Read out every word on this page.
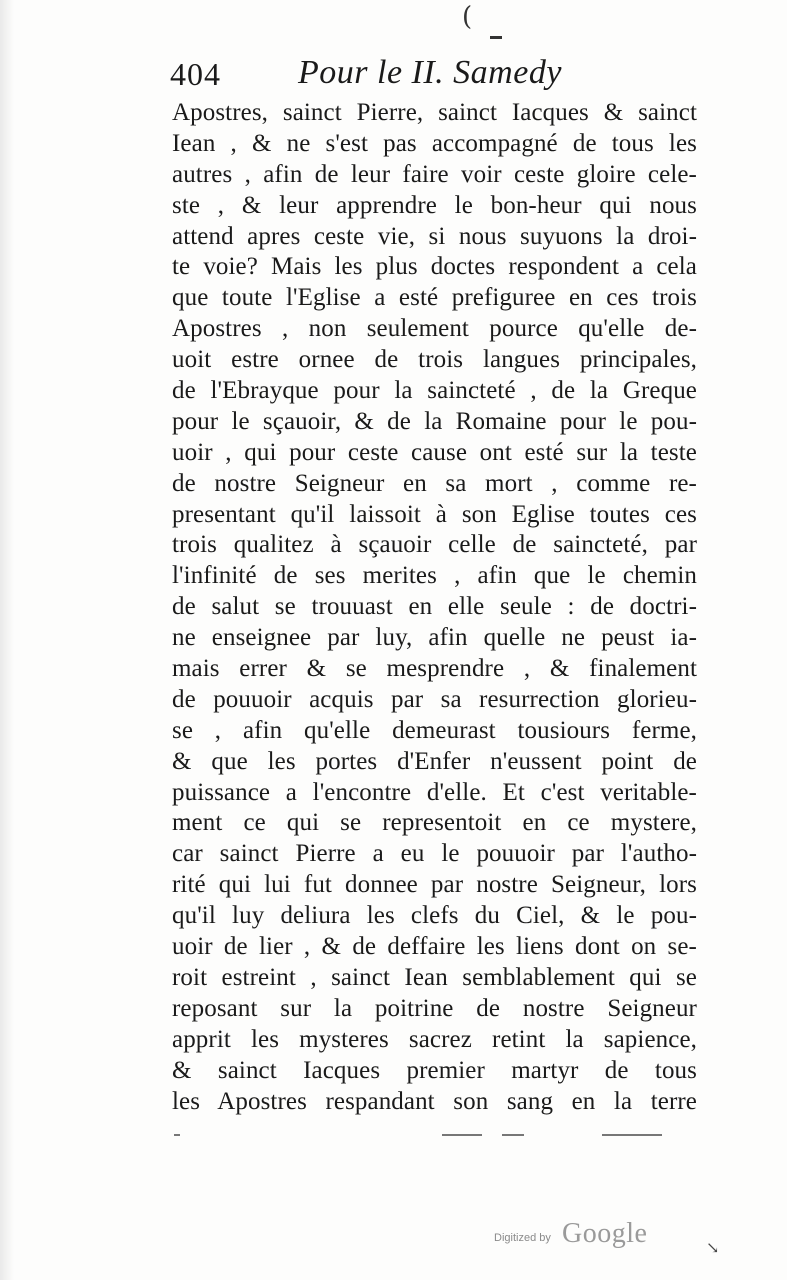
(
404 Pour le II. Samedy
Apostres, sainct Pierre, sainct Iacques & sainct
Iean , & ne s'est pas accompagné de tous les
autres , afin de leur faire voir ceste gloire cele-
ste , & leur apprendre le bon-heur qui nous
attend apres ceste vie, si nous suyuons la droi-
te voie? Mais les plus doctes respondent a cela
que toute l'Eglise a esté prefiguree en ces trois
Apostres , non seulement pource qu'elle de-
uoit estre ornee de trois langues principales,
de l'Ebrayque pour la saincteté , de la Greque
pour le sçauoir, & de la Romaine pour le pou-
uoir , qui pour ceste cause ont esté sur la teste
de nostre Seigneur en sa mort , comme re-
presentant qu'il laissoit à son Eglise toutes ces
trois qualitez à sçauoir celle de saincteté, par
l'infinité de ses merites , afin que le chemin
de salut se trouuast en elle seule : de doctri-
ne enseignee par luy, afin quelle ne peust ia-
mais errer & se mesprendre , & finalement
de pouuoir acquis par sa resurrection glorieu-
se , afin qu'elle demeurast tousiours ferme,
& que les portes d'Enfer n'eussent point de
puissance a l'encontre d'elle. Et c'est veritable-
ment ce qui se representoit en ce mystere,
car sainct Pierre a eu le pouuoir par l'autho-
rité qui lui fut donnee par nostre Seigneur, lors
qu'il luy deliura les clefs du Ciel, & le pou-
uoir de lier , & de deffaire les liens dont on se-
roit estreint , sainct Iean semblablement qui se
reposant sur la poitrine de nostre Seigneur
apprit les mysteres sacrez retint la sapience,
& sainct Iacques premier martyr de tous
les Apostres respandant son sang en la terre
Digitized by Google	↘
